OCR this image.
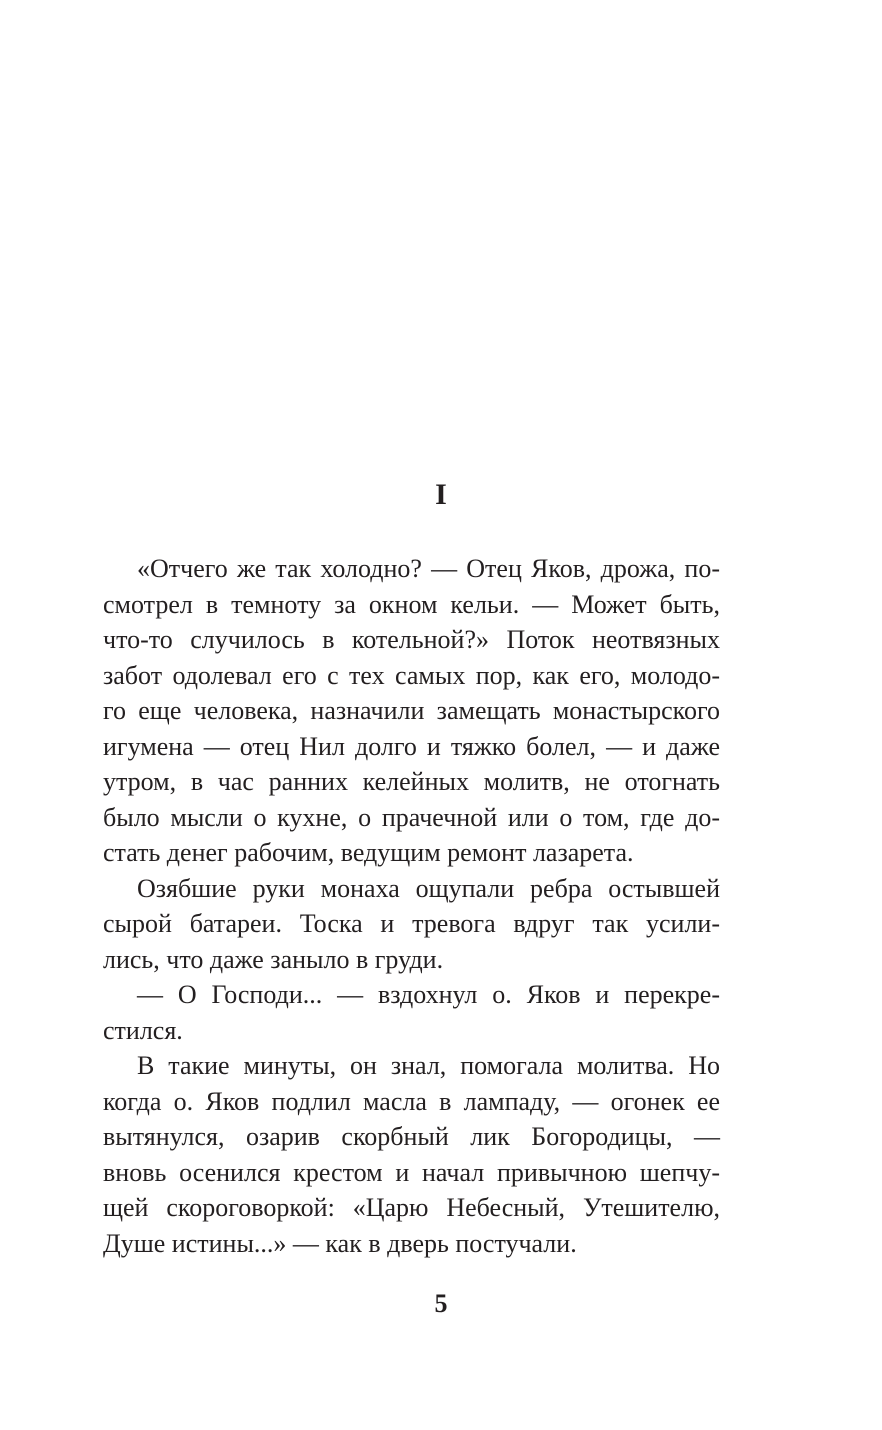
I
«Отчего же так холодно? — Отец Яков, дрожа, по-
смотрел в темноту за окном кельи. — Может быть,
что-то случилось в котельной?» Поток неотвязных
забот одолевал его с тех самых пор, как его, молодо-
го еще человека, назначили замещать монастырского
игумена — отец Нил долго и тяжко болел, — и даже
утром, в час ранних келейных молитв, не отогнать
было мысли о кухне, о прачечной или о том, где до-
стать денег рабочим, ведущим ремонт лазарета.
Озябшие руки монаха ощупали ребра остывшей
сырой батареи. Тоска и тревога вдруг так усили-
лись, что даже заныло в груди.
— О Господи... — вздохнул о. Яков и перекре-
стился.
В такие минуты, он знал, помогала молитва. Но
когда о. Яков подлил масла в лампаду, — огонек ее
вытянулся, озарив скорбный лик Богородицы, —
вновь осенился крестом и начал привычною шепчу-
щей скороговоркой: «Царю Небесный, Утешителю,
Душе истины...» — как в дверь постучали.
5
